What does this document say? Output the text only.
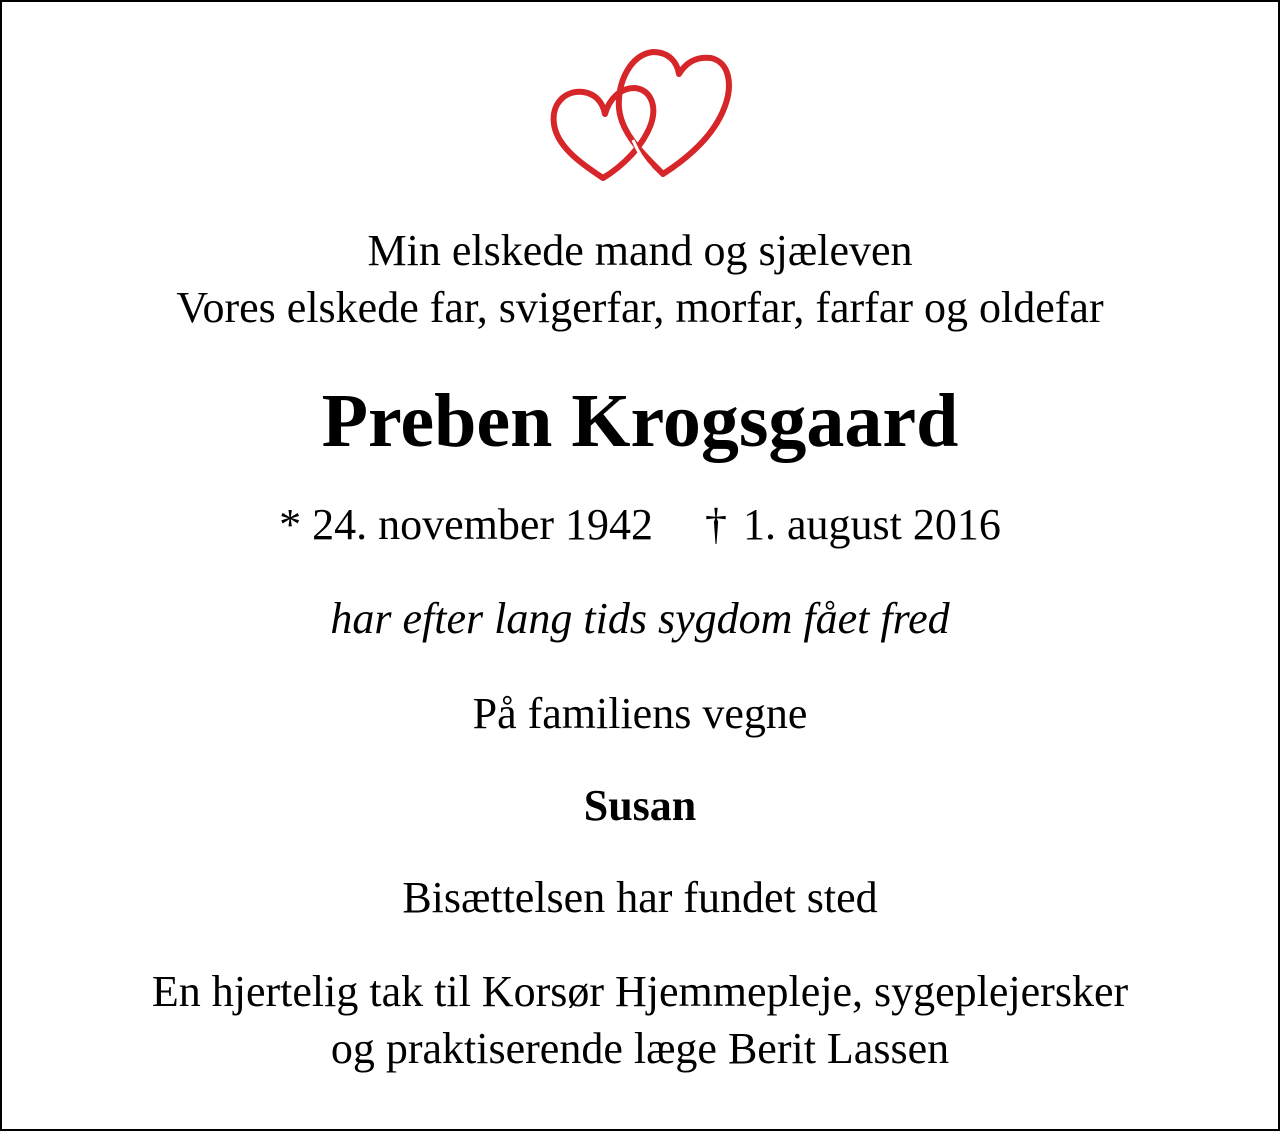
Min elskede mand og sjæleven
Vores elskede far, svigerfar, morfar, farfar og oldefar
Preben Krogsgaard
* 24. november 1942 † 1. august 2016
har efter lang tids sygdom fået fred
På familiens vegne
Susan
Bisættelsen har fundet sted
En hjertelig tak til Korsør Hjemmepleje, sygeplejersker
og praktiserende læge Berit Lassen
